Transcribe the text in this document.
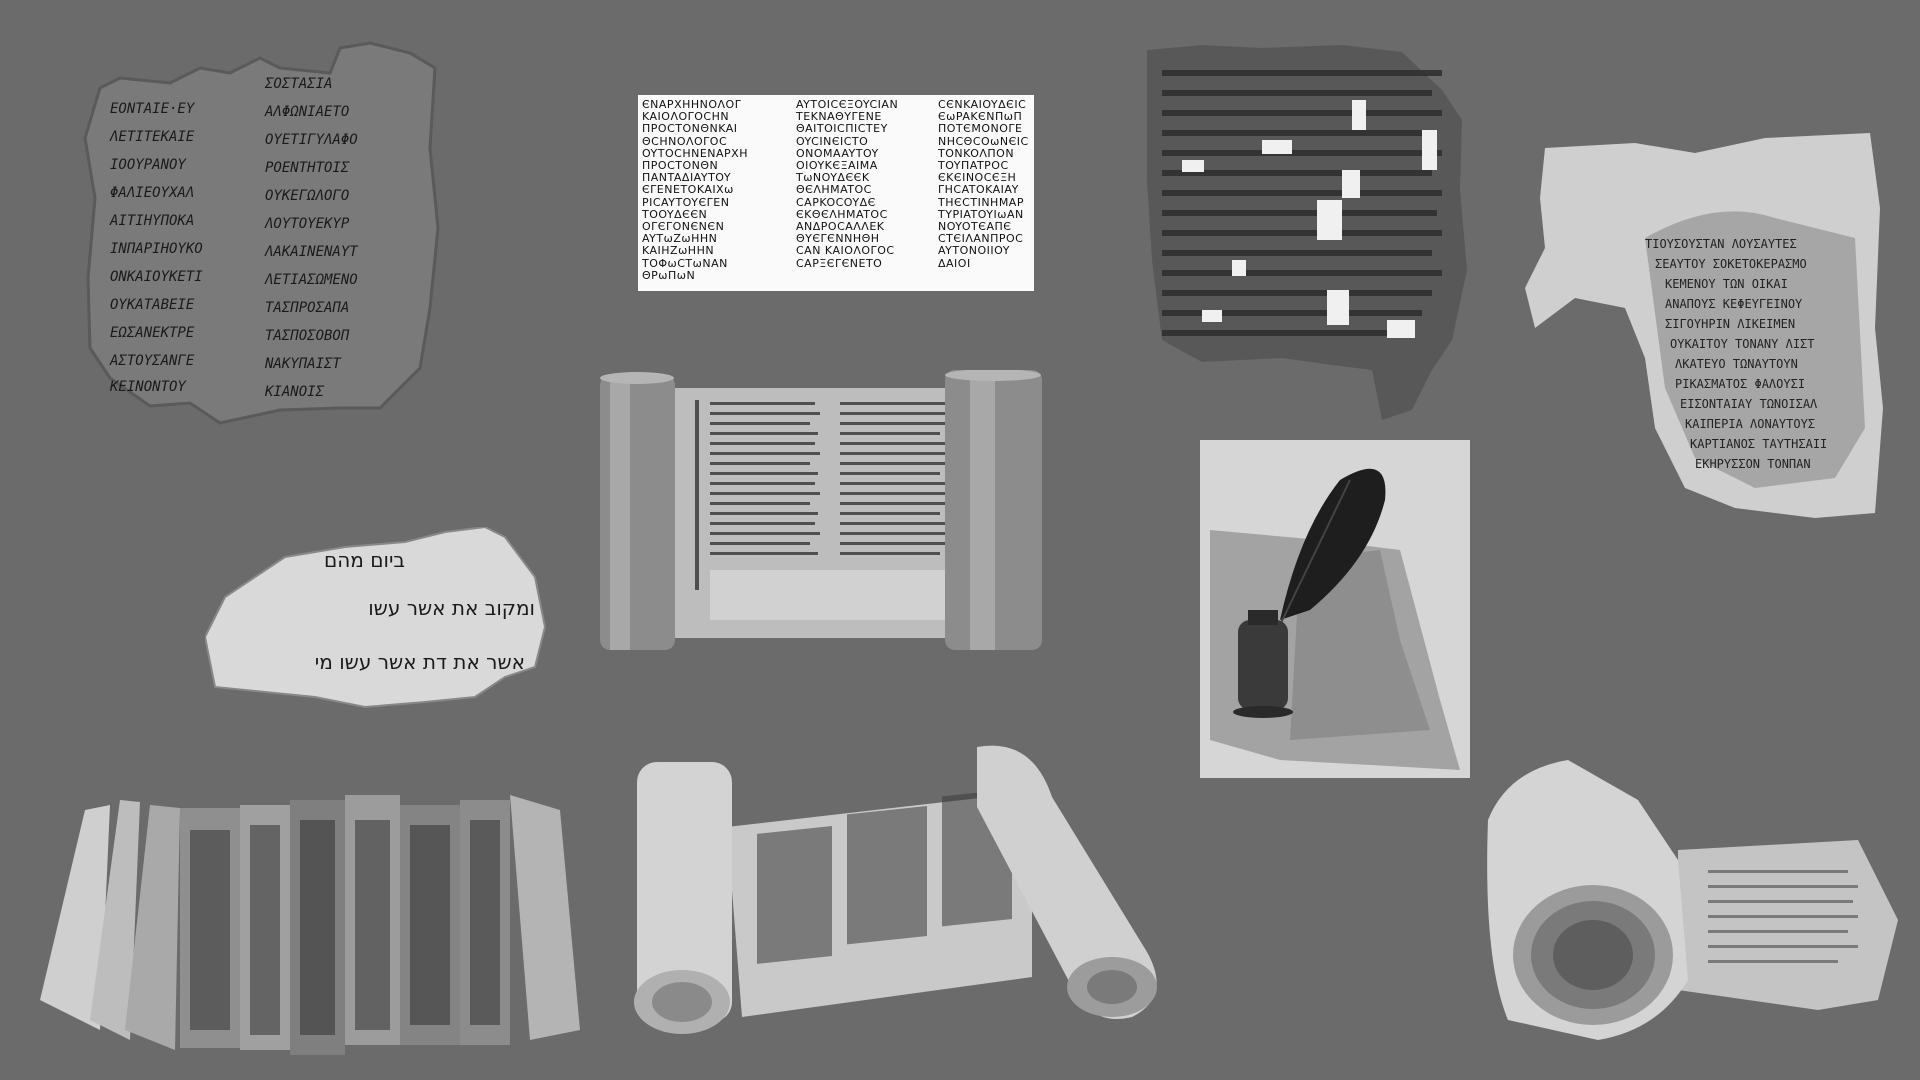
ΕΟΝΤΑΙΕ·ΕΥ
ΛΕΤΙΤΕΚΑΙΕ
ΙΟΟΥΡΑΝΟΥ
ΦΑΛΙΕΟΥΧΑΛ
ΑΙΤΙΗΥΠΟΚΑ
ΙΝΠΑΡΙΗΟΥΚΟ
ΟΝΚΑΙΟΥΚΕΤΙ
ΟΥΚΑΤΑΒΕΙΕ
ΕΩΣΑΝΕΚΤΡΕ
ΑΣΤΟΥΣΑΝΓΕ
ΚΕΙΝΟΝΤΟΥ
ΣΟΣΤΑΣΙΑ
ΑΛΦΩΝΙΑΕΤΟ
ΟΥΕΤΙΓΥΛΑΦΟ
ΡΟΕΝΤΗΤΟΙΣ
ΟΥΚΕΓΩΛΟΓΟ
ΛΟΥΤΟΥΕΚΥΡ
ΛΑΚΑΙΝΕΝΑΥΤ
ΛΕΤΙΑΣΩΜΕΝΟ
ΤΑΣΠΡΟΣΑΠΑ
ΤΑΣΠΟΣΟΒΟΠ
ΝΑΚΥΠΑΙΣΤ
ΚΙΑΝΟΙΣ
ЄNAPXHHNOΛΟΓ
KAIOΛOΓOCHN
ΠPOCTONΘNKAI
ΘCHNOΛΟΓΟC
OYTOCHNENAPXH
ΠPOCTONΘN
ΠANTAΔIAYTOY
ЄΓENETOKAIXω
PICAYTOYЄΓΕΝ
TOOYΔЄЄN
OΓЄΓONЄNЄN
AYTωZωHHN
KAIHZωHHN
TOΦωCTωNAN
ΘPωΠωN
AYTOICЄΞOYCIAN
TEKNAΘYΓENE
ΘAITOICΠICTEY
OYCINЄICTO
ONOMAAYTOY
OIOYKЄΞAIMA
TωNOYΔЄЄK
ΘЄΛHMATOC
CAPKOCOYΔЄ
ЄKΘЄΛHMATOC
ANΔPOCAΛΛEK
ΘYЄΓЄNNHΘH
CAN KAIOΛOΓOC
CAPΞЄΓЄNETO
CЄNKAIOYΔЄIC
ЄωPAKЄNΠωΠ
ΠOTЄMONOΓE
NHCΘCOωNЄIC
TONKOΛΠON
TOYΠATPOC
ЄKЄINOCЄΞH
ΓHCATOKAIAY
THЄCTINHMAP
TYPIATOYIωAN
NOYOTЄAΠЄ
CTЄIΛANΠPOC
AYTONOIIOY
ΔAIOI
ΤΙΟΥΣΟΥΣΤΑΝ ΛΟΥΣΑΥΤΕΣ
ΣΕΑΥΤΟΥ ΣΟΚΕΤΟΚΕΡΑΣΜΟ
ΚΕΜΕΝΟΥ ΤΩΝ ΟΙΚΑΙ
ΑΝΑΠΟΥΣ ΚΕΦΕΥΓΕΙΝΟΥ
ΣΙΓΟΥΗΡΙΝ ΛΙΚΕΙΜΕΝ
ΟΥΚΑΙΤΟΥ ΤΟΝΑΝΥ ΛΙΣΤ
ΛΚΑΤΕΥΟ ΤΩΝΑΥΤΟΥΝ
ΡΙΚΑΣΜΑΤΟΣ ΦΑΛΟΥΣΙ
ΕΙΣΟΝΤΑΙΑΥ ΤΩΝΟΙΣΑΛ
ΚΑΙΠΕΡΙΑ ΛΟΝΑΥΤΟΥΣ
ΚΑΡΤΙΑΝΟΣ ΤΑΥΤΗΣΑΙΙ
ΕΚΗΡΥΣΣΟΝ ΤΟΝΠΑΝ
ביום מהם
ומקוב את אשר עשו
אשר את דת אשר עשו מי
